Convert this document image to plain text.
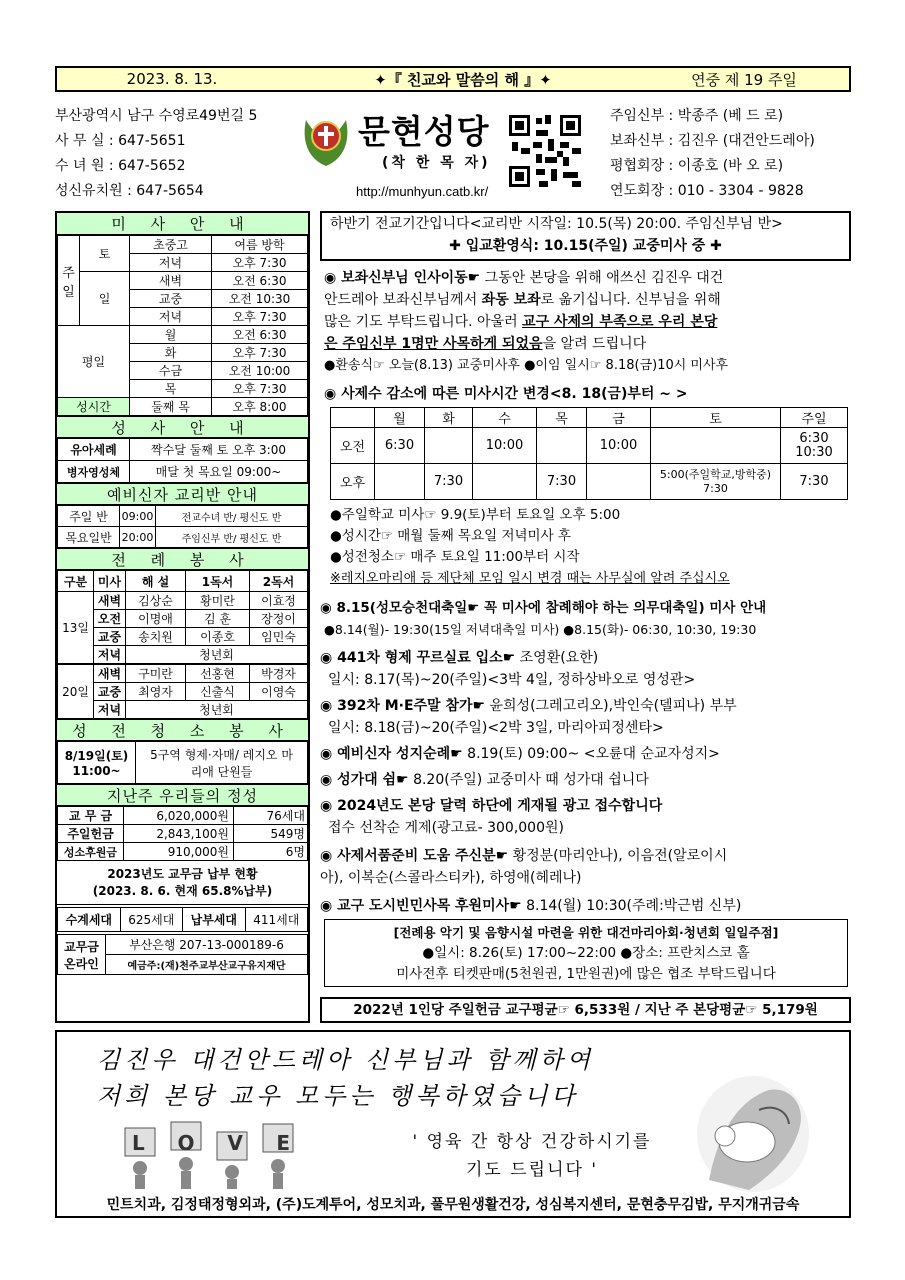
2023. 8. 13.	✦『 친교와 말씀의 해 』✦	연중 제 19 주일
부산광역시 남구 수영로49번길 5
사 무 실 : 647-5651
수 녀 원 : 647-5652
성신유치원 : 647-5654
문현성당
(착 한 목 자)
http://munhyun.catb.kr/
주임신부 : 박종주 (베 드 로)
보좌신부 : 김진우 (대건안드레아)
평협회장 : 이종호 (바 오 로)
연도회장 : 010 - 3304 - 9828
미 사 안 내
주일	토	초중고	여름 방학
		저녁	오후 7:30
	일	새벽	오전 6:30
		교중	오전 10:30
		저녁	오후 7:30
평일		월	오전 6:30
		화	오후 7:30
		수금	오전 10:00
		목	오후 7:30
성시간		둘째 목	오후 8:00
성 사 안 내
유아세례	짝수달 둘째 토 오후 3:00
병자영성체	매달 첫 목요일 09:00~
예비신자 교리반 안내
주일 반	09:00	전교수녀 반/ 평신도 반
목요일반	20:00	주임신부 반/ 평신도 반
전 례 봉 사
구분	미사	해 설	1독서	2독서
13일	새벽	김상순	황미란	이효정
	오전	이명애	김 훈	장정이
	교중	송치원	이종호	임민숙
	저녁	청년회		
20일	새벽	구미란	선홍현	박경자
	교중	최영자	신출식	이영숙
	저녁	청년회		
성 전 청 소 봉 사
8/19일(토) 11:00~	5구역 형제·자매/ 레지오 마리애 단원들
지난주 우리들의 정성
교 무 금	6,020,000원	76세대
주일헌금	2,843,100원	549명
성소후원금	910,000원	6명
2023년도 교무금 납부 현황
(2023. 8. 6. 현재 65.8%납부)
수계세대	625세대	납부세대	411세대
교무금 온라인	부산은행 207-13-000189-6
예금주:(재)천주교부산교구유지재단
하반기 전교기간입니다<교리반 시작일: 10.5(목) 20:00. 주임신부님 반>
✚ 입교환영식: 10.15(주일) 교중미사 중 ✚
◉ 보좌신부님 인사이동☛ 그동안 본당을 위해 애쓰신 김진우 대건
안드레아 보좌신부님께서 좌동 보좌로 옮기십니다. 신부님을 위해
많은 기도 부탁드립니다. 아울러 교구 사제의 부족으로 우리 본당
은 주임신부 1명만 사목하게 되었음을 알려 드립니다
●환송식☞ 오늘(8.13) 교중미사후 ●이임 일시☞ 8.18(금)10시 미사후
◉ 사제수 감소에 따른 미사시간 변경<8. 18(금)부터 ~ >
	월	화	수	목	금	토	주일
오전	6:30		10:00		10:00		6:30 10:30
오후		7:30		7:30		5:00(주일학교,방학중) 7:30	7:30
●주일학교 미사☞ 9.9(토)부터 토요일 오후 5:00
●성시간☞ 매월 둘째 목요일 저녁미사 후
●성전청소☞ 매주 토요일 11:00부터 시작
※레지오마리애 등 제단체 모임 일시 변경 때는 사무실에 알려 주십시오
◉ 8.15(성모승천대축일☛ 꼭 미사에 참례해야 하는 의무대축일) 미사 안내
●8.14(월)- 19:30(15일 저녁대축일 미사) ●8.15(화)- 06:30, 10:30, 19:30
◉ 441차 형제 꾸르실료 입소☛ 조영환(요한)
일시: 8.17(목)~20(주일)<3박 4일, 정하상바오로 영성관>
◉ 392차 M·E주말 참가☛ 윤희성(그레고리오),박인숙(델피나) 부부
일시: 8.18(금)~20(주일)<2박 3일, 마리아피정센타>
◉ 예비신자 성지순례☛ 8.19(토) 09:00~ <오륜대 순교자성지>
◉ 성가대 쉼☛ 8.20(주일) 교중미사 때 성가대 쉽니다
◉ 2024년도 본당 달력 하단에 게재될 광고 접수합니다
접수 선착순 게제(광고료- 300,000원)
◉ 사제서품준비 도움 주신분☛ 황정분(마리안나), 이음전(알로이시
아), 이복순(스콜라스티카), 하영애(헤레나)
◉ 교구 도시빈민사목 후원미사☛ 8.14(월) 10:30(주례:박근범 신부)
[전례용 악기 및 음향시설 마련을 위한 대건마리아회·청년회 일일주점]
●일시: 8.26(토) 17:00~22:00 ●장소: 프란치스코 홀
미사전후 티켓판매(5천원권, 1만원권)에 많은 협조 부탁드립니다
2022년 1인당 주일헌금 교구평균☞ 6,533원 / 지난 주 본당평균☞ 5,179원
김진우 대건안드레아 신부님과 함께하여
저희 본당 교우 모두는 행복하였습니다
LOVE	' 영육 간 항상 건강하시기를
기도 드립니다 '
민트치과, 김정태정형외과, (주)도계투어, 성모치과, 풀무원생활건강, 성심복지센터, 문현충무김밥, 무지개귀금속
